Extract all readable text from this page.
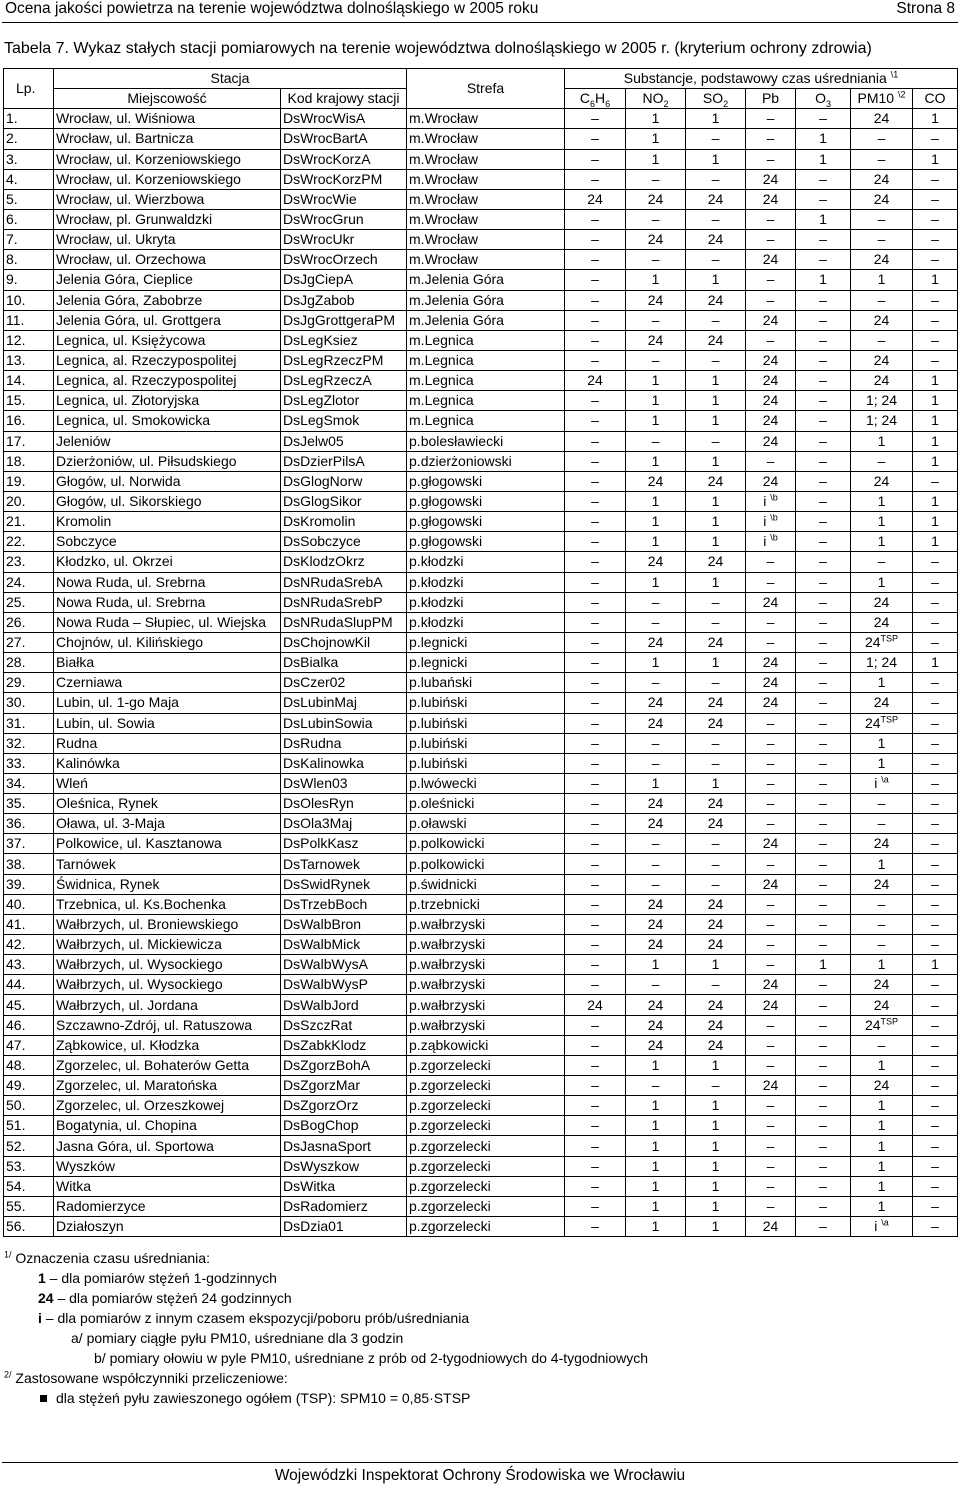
Ocena jakości powietrza na terenie województwa dolnośląskiego w 2005 roku	Strona 8
Tabela 7. Wykaz stałych stacji pomiarowych na terenie województwa dolnośląskiego w 2005 r. (kryterium ochrony zdrowia)
Lp.	Stacja		Strefa	Substancje, podstawowy czas uśredniania $^{\backslash 1}$
	Miejscowość	Kod krajowy stacji		$C_6H_6$	$NO_2$	$SO_2$	Pb	$O_3$	PM10 $^{\backslash 2}$	CO
1.	Wrocław, ul. Wiśniowa	DsWrocWisA	m.Wrocław	–	1	1	–	–	24	1
2.	Wrocław, ul. Bartnicza	DsWrocBartA	m.Wrocław	–	1	–	–	1	–	–
3.	Wrocław, ul. Korzeniowskiego	DsWrocKorzA	m.Wrocław	–	1	1	–	1	–	1
4.	Wrocław, ul. Korzeniowskiego	DsWrocKorzPM	m.Wrocław	–	–	–	24	–	24	–
5.	Wrocław, ul. Wierzbowa	DsWrocWie	m.Wrocław	24	24	24	24	–	24	–
6.	Wrocław, pl. Grunwaldzki	DsWrocGrun	m.Wrocław	–	–	–	–	1	–	–
7.	Wrocław, ul. Ukryta	DsWrocUkr	m.Wrocław	–	24	24	–	–	–	–
8.	Wrocław, ul. Orzechowa	DsWrocOrzech	m.Wrocław	–	–	–	24	–	24	–
9.	Jelenia Góra, Cieplice	DsJgCiepA	m.Jelenia Góra	–	1	1	–	1	1	1
10.	Jelenia Góra, Zabobrze	DsJgZabob	m.Jelenia Góra	–	24	24	–	–	–	–
11.	Jelenia Góra, ul. Grottgera	DsJgGrottgeraPM	m.Jelenia Góra	–	–	–	24	–	24	–
12.	Legnica, ul. Księżycowa	DsLegKsiez	m.Legnica	–	24	24	–	–	–	–
13.	Legnica, al. Rzeczypospolitej	DsLegRzeczPM	m.Legnica	–	–	–	24	–	24	–
14.	Legnica, al. Rzeczypospolitej	DsLegRzeczA	m.Legnica	24	1	1	24	–	24	1
15.	Legnica, ul. Złotoryjska	DsLegZlotor	m.Legnica	–	1	1	24	–	1; 24	1
16.	Legnica, ul. Smokowicka	DsLegSmok	m.Legnica	–	1	1	24	–	1; 24	1
17.	Jeleniów	DsJelw05	p.bolesławiecki	–	–	–	24	–	1	1
18.	Dzierżoniów, ul. Piłsudskiego	DsDzierPilsA	p.dzierżoniowski	–	1	1	–	–	–	1
19.	Głogów, ul. Norwida	DsGlogNorw	p.głogowski	–	24	24	24	–	24	–
20.	Głogów, ul. Sikorskiego	DsGlogSikor	p.głogowski	–	1	1	i $^{\backslash b}$	–	1	1
21.	Kromolin	DsKromolin	p.głogowski	–	1	1	i $^{\backslash b}$	–	1	1
22.	Sobczyce	DsSobczyce	p.głogowski	–	1	1	i $^{\backslash b}$	–	1	1
23.	Kłodzko, ul. Okrzei	DsKlodzOkrz	p.kłodzki	–	24	24	–	–	–	–
24.	Nowa Ruda, ul. Srebrna	DsNRudaSrebA	p.kłodzki	–	1	1	–	–	1	–
25.	Nowa Ruda, ul. Srebrna	DsNRudaSrebP	p.kłodzki	–	–	–	24	–	24	–
26.	Nowa Ruda – Słupiec, ul. Wiejska	DsNRudaSlupPM	p.kłodzki	–	–	–	–	–	24	–
27.	Chojnów, ul. Kilińskiego	DsChojnowKil	p.legnicki	–	24	24	–	–	$24^{TSP}$	–
28.	Białka	DsBialka	p.legnicki	–	1	1	24	–	1; 24	1
29.	Czerniawa	DsCzer02	p.lubański	–	–	–	24	–	1	–
30.	Lubin, ul. 1-go Maja	DsLubinMaj	p.lubiński	–	24	24	24	–	24	–
31.	Lubin, ul. Sowia	DsLubinSowia	p.lubiński	–	24	24	–	–	$24^{TSP}$	–
32.	Rudna	DsRudna	p.lubiński	–	–	–	–	–	1	–
33.	Kalinówka	DsKalinowka	p.lubiński	–	–	–	–	–	1	–
34.	Wleń	DsWlen03	p.lwówecki	–	1	1	–	–	i $^{\backslash a}$	–
35.	Oleśnica, Rynek	DsOlesRyn	p.oleśnicki	–	24	24	–	–	–	–
36.	Oława, ul. 3-Maja	DsOla3Maj	p.oławski	–	24	24	–	–	–	–
37.	Polkowice, ul. Kasztanowa	DsPolkKasz	p.polkowicki	–	–	–	24	–	24	–
38.	Tarnówek	DsTarnowek	p.polkowicki	–	–	–	–	–	1	–
39.	Świdnica, Rynek	DsSwidRynek	p.świdnicki	–	–	–	24	–	24	–
40.	Trzebnica, ul. Ks.Bochenka	DsTrzebBoch	p.trzebnicki	–	24	24	–	–	–	–
41.	Wałbrzych, ul. Broniewskiego	DsWalbBron	p.wałbrzyski	–	24	24	–	–	–	–
42.	Wałbrzych, ul. Mickiewicza	DsWalbMick	p.wałbrzyski	–	24	24	–	–	–	–
43.	Wałbrzych, ul. Wysockiego	DsWalbWysA	p.wałbrzyski	–	1	1	–	1	1	1
44.	Wałbrzych, ul. Wysockiego	DsWalbWysP	p.wałbrzyski	–	–	–	24	–	24	–
45.	Wałbrzych, ul. Jordana	DsWalbJord	p.wałbrzyski	24	24	24	24	–	24	–
46.	Szczawno-Zdrój, ul. Ratuszowa	DsSzczRat	p.wałbrzyski	–	24	24	–	–	$24^{TSP}$	–
47.	Ząbkowice, ul. Kłodzka	DsZabkKlodz	p.ząbkowicki	–	24	24	–	–	–	–
48.	Zgorzelec, ul. Bohaterów Getta	DsZgorzBohA	p.zgorzelecki	–	1	1	–	–	1	–
49.	Zgorzelec, ul. Maratońska	DsZgorzMar	p.zgorzelecki	–	–	–	24	–	24	–
50.	Zgorzelec, ul. Orzeszkowej	DsZgorzOrz	p.zgorzelecki	–	1	1	–	–	1	–
51.	Bogatynia, ul. Chopina	DsBogChop	p.zgorzelecki	–	1	1	–	–	1	–
52.	Jasna Góra, ul. Sportowa	DsJasnaSport	p.zgorzelecki	–	1	1	–	–	1	–
53.	Wyszków	DsWyszkow	p.zgorzelecki	–	1	1	–	–	1	–
54.	Witka	DsWitka	p.zgorzelecki	–	1	1	–	–	1	–
55.	Radomierzyce	DsRadomierz	p.zgorzelecki	–	1	1	–	–	1	–
56.	Działoszyn	DsDzia01	p.zgorzelecki	–	1	1	24	–	i $^{\backslash a}$	–
$^{1/}$ Oznaczenia czasu uśredniania:
1 – dla pomiarów stężeń 1-godzinnych
24 – dla pomiarów stężeń 24 godzinnych
i – dla pomiarów z innym czasem ekspozycji/poboru prób/uśredniania
a/ pomiary ciągłe pyłu PM10, uśredniane dla 3 godzin
b/ pomiary ołowiu w pyle PM10, uśredniane z prób od 2-tygodniowych do 4-tygodniowych
$^{2/}$ Zastosowane współczynniki przeliczeniowe:
dla stężeń pyłu zawieszonego ogółem (TSP): SPM10 = 0,85·STSP
Wojewódzki Inspektorat Ochrony Środowiska we Wrocławiu
